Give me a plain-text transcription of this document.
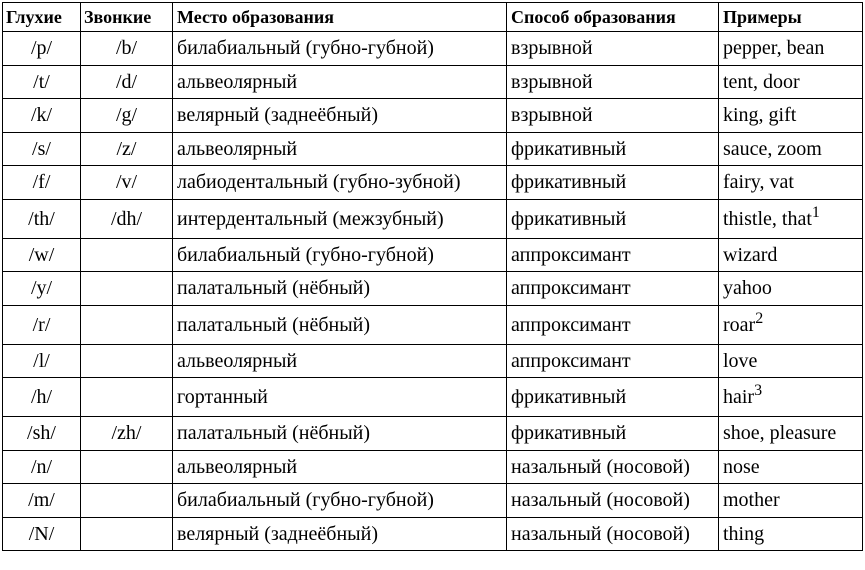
Глухие	Звонкие	Место образования	Способ образования	Примеры
/p/	/b/	билабиальный (губно-губной)	взрывной	pepper, bean
/t/	/d/	альвеолярный	взрывной	tent, door
/k/	/g/	велярный (заднеёбный)	взрывной	king, gift
/s/	/z/	альвеолярный	фрикативный	sauce, zoom
/f/	/v/	лабиодентальный (губно-зубной)	фрикативный	fairy, vat
/th/	/dh/	интердентальный (межзубный)	фрикативный	thistle, that$^1$
/w/		билабиальный (губно-губной)	аппроксимант	wizard
/y/		палатальный (нёбный)	аппроксимант	yahoo
/r/		палатальный (нёбный)	аппроксимант	roar$^2$
/l/		альвеолярный	аппроксимант	love
/h/		гортанный	фрикативный	hair$^3$
/sh/	/zh/	палатальный (нёбный)	фрикативный	shoe, pleasure
/n/		альвеолярный	назальный (носовой)	nose
/m/		билабиальный (губно-губной)	назальный (носовой)	mother
/N/		велярный (заднеёбный)	назальный (носовой)	thing
